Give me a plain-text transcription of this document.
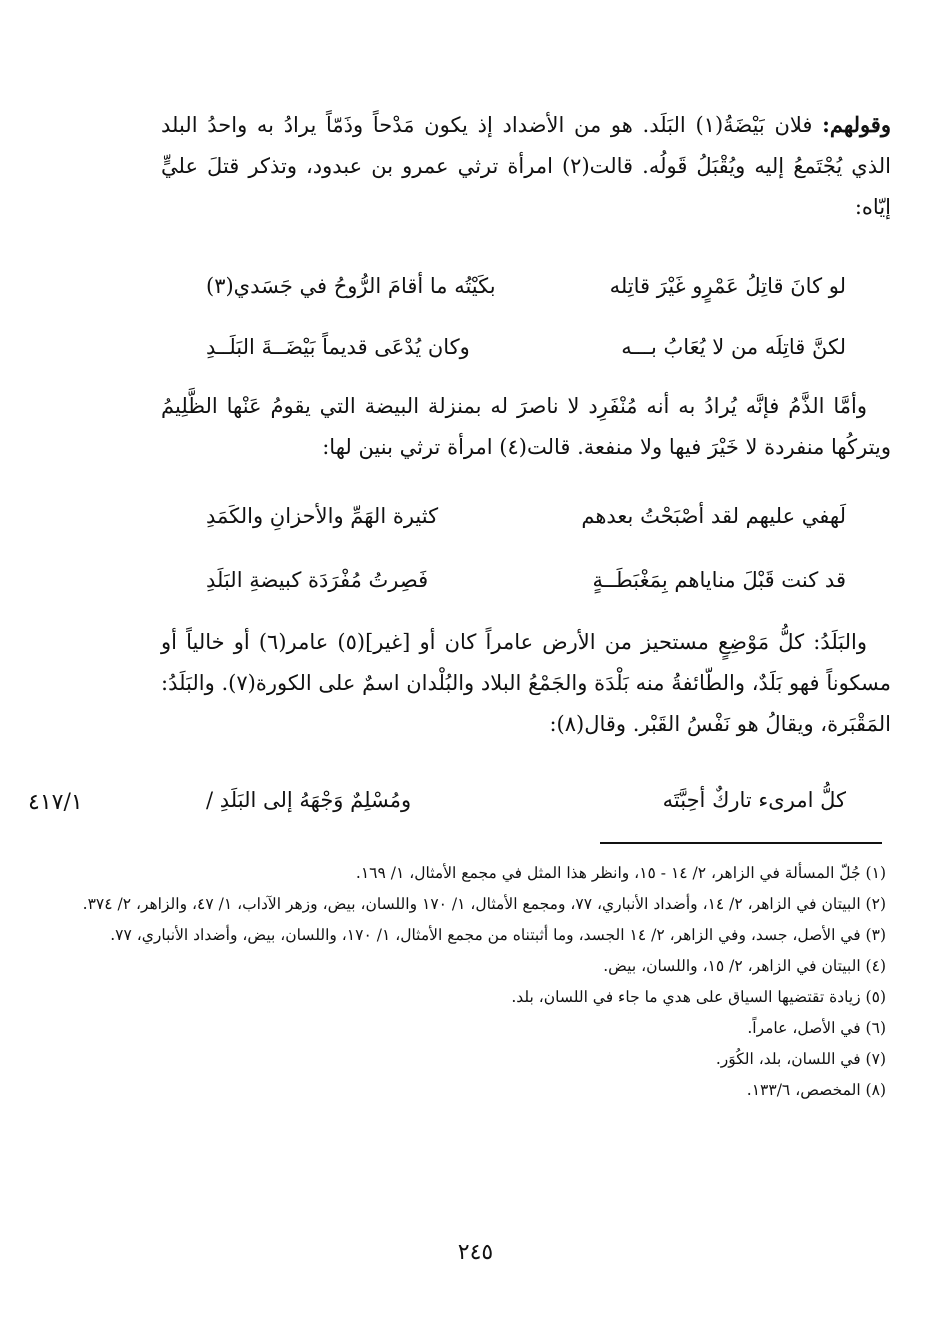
وقولهم: فلان بَيْضَةُ(١) البَلَد. هو من الأضداد إذ يكون مَدْحاً وذَمّاً يرادُ به واحدُ البلد الذي يُجْتَمعُ إليه ويُقْبَلُ قَولُه. قالت(٢) امرأة ترثي عمرو بن عبدود، وتذكر قتلَ عليٍّ إيّاه:

لو كانَ قاتِلُ عَمْرٍو غَيْرَ قاتِله
بكَيْتُه ما أقامَ الرُّوحُ في جَسَدي(٣)
لكنَّ قاتِلَه من لا يُعَابُ بـــه
وكان يُدْعَى قديماً بَيْضَــةَ البَلَــدِ

وأمَّا الذَّمُ فإنَّه يُرادُ به أنه مُنْفَرِد لا ناصرَ له بمنزلة البيضة التي يقومُ عَنْها الظَّلِيمُ ويتركُها منفردة لا خَيْرَ فيها ولا منفعة. قالت(٤) امرأة ترثي بنين لها:

لَهفي عليهم لقد أصْبَحْتُ بعدهم
كثيرة الهَمِّ والأحزانِ والكَمَدِ
قد كنت قَبْلَ مناياهم بِمَغْبَطَــةٍ
فَصِرتُ مُفْرَدَة كبيضةِ البَلَدِ

والبَلَدُ: كلُّ مَوْضِعٍ مستحيز من الأرض عامراً كان أو [غير](٥) عامر(٦) أو خالياً أو مسكوناً فهو بَلَدٌ، والطّائفةُ منه بَلْدَة والجَمْعُ البلاد والبُلْدان اسمٌ على الكورة(٧). والبَلَدُ: المَقْبَرة، ويقالُ هو نَفْسُ القَبْر. وقال(٨):

كلُّ امرىء تاركٌ أحِبَّتَه
ومُسْلِمٌ وَجْهَهُ إلى البَلَدِ /
٤١٧/١
(١) جُلّ المسألة في الزاهر، ٢/ ١٤ - ١٥، وانظر هذا المثل في مجمع الأمثال، ١/ ١٦٩.
(٢) البيتان في الزاهر، ٢/ ١٤، وأضداد الأنباري، ٧٧، ومجمع الأمثال، ١/ ١٧٠ واللسان، بيض، وزهر الآداب، ١/ ٤٧، والزاهر، ٢/ ٣٧٤.
(٣) في الأصل، جسد، وفي الزاهر، ٢/ ١٤ الجسد، وما أثبتناه من مجمع الأمثال، ١/ ١٧٠، واللسان، بيض، وأضداد الأنباري، ٧٧.
(٤) البيتان في الزاهر، ٢/ ١٥، واللسان، بيض.
(٥) زيادة تقتضيها السياق على هدي ما جاء في اللسان، بلد.
(٦) في الأصل، عامراً.
(٧) في اللسان، بلد، الكُوَر.
(٨) المخصص، ١٣٣/٦.
٢٤٥
